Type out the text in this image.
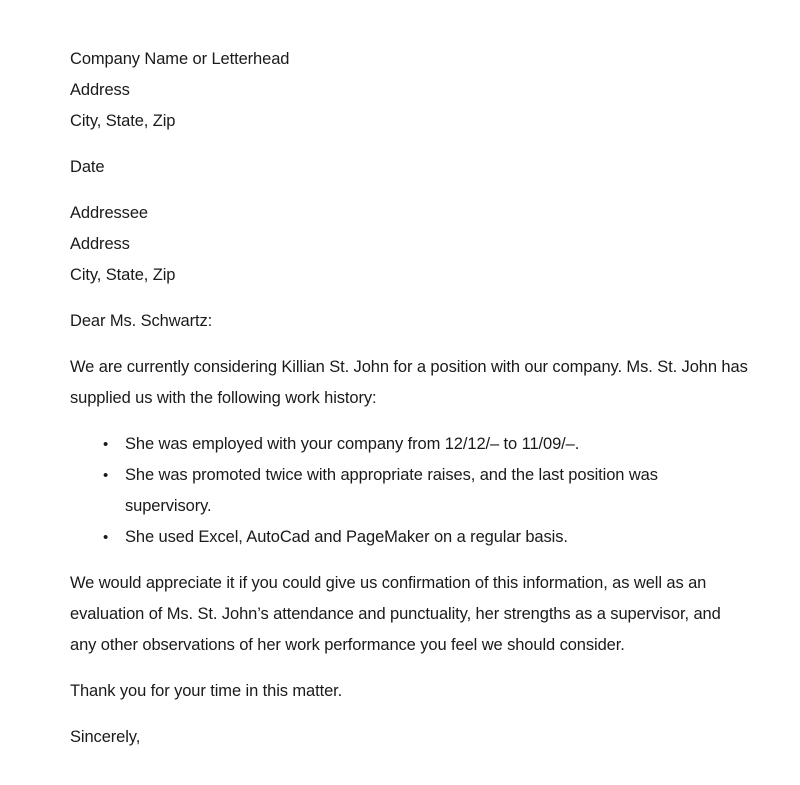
Company Name or Letterhead
Address
City, State, Zip
Date
Addressee
Address
City, State, Zip
Dear Ms. Schwartz:

We are currently considering Killian St. John for a position with our company. Ms. St. John has supplied us with the following work history:

• She was employed with your company from 12/12/– to 11/09/–.
• She was promoted twice with appropriate raises, and the last position was supervisory.
• She used Excel, AutoCad and PageMaker on a regular basis.

We would appreciate it if you could give us confirmation of this information, as well as an evaluation of Ms. St. John’s attendance and punctuality, her strengths as a supervisor, and any other observations of her work performance you feel we should consider.

Thank you for your time in this matter.

Sincerely,
